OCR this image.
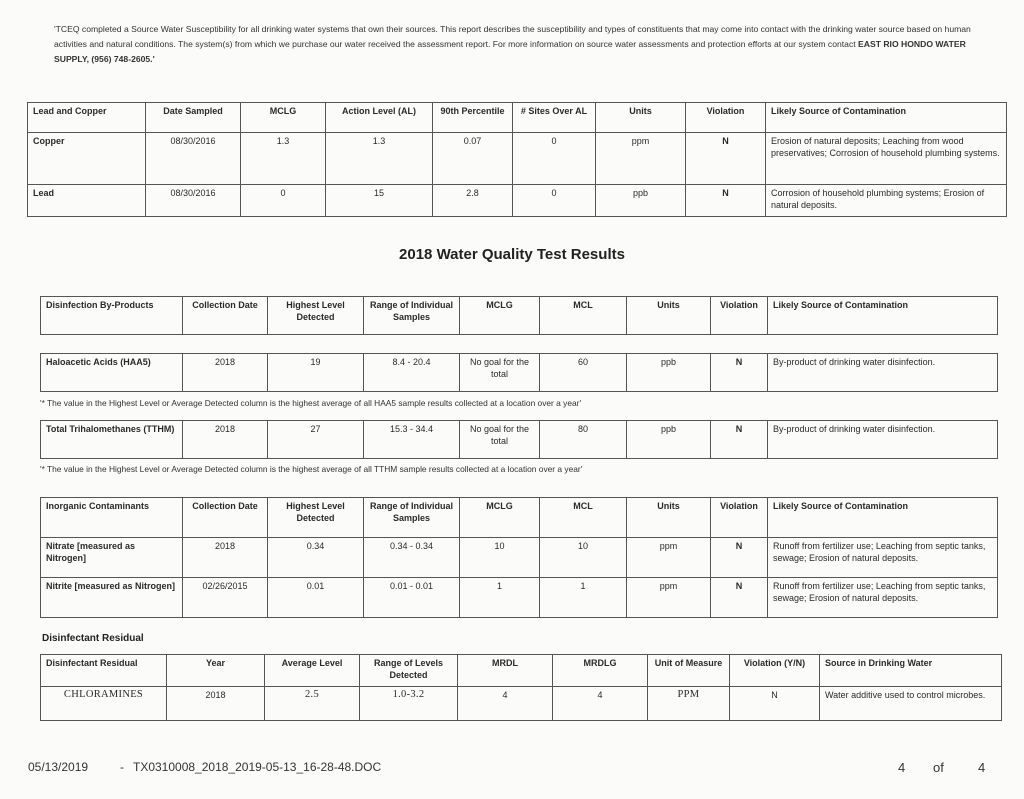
'TCEQ completed a Source Water Susceptibility for all drinking water systems that own their sources. This report describes the susceptibility and types of constituents that may come into contact with the drinking water source based on human activities and natural conditions. The system(s) from which we purchase our water received the assessment report. For more information on source water assessments and protection efforts at our system contact EAST RIO HONDO WATER SUPPLY, (956) 748-2605.'
Lead and Copper	Date Sampled	MCLG	Action Level (AL)	90th Percentile	# Sites Over AL	Units	Violation	Likely Source of Contamination
Copper	08/30/2016	1.3	1.3	0.07	0	ppm	N	Erosion of natural deposits; Leaching from wood preservatives; Corrosion of household plumbing systems.
Lead	08/30/2016	0	15	2.8	0	ppb	N	Corrosion of household plumbing systems; Erosion of natural deposits.
2018 Water Quality Test Results
Disinfection By-Products	Collection Date	Highest Level Detected	Range of Individual Samples	MCLG	MCL	Units	Violation	Likely Source of Contamination
Haloacetic Acids (HAA5)	2018	19	8.4 - 20.4	No goal for the total	60	ppb	N	By-product of drinking water disinfection.
'* The value in the Highest Level or Average Detected column is the highest average of all HAA5 sample results collected at a location over a year'
Total Trihalomethanes (TTHM)	2018	27	15.3 - 34.4	No goal for the total	80	ppb	N	By-product of drinking water disinfection.
'* The value in the Highest Level or Average Detected column is the highest average of all TTHM sample results collected at a location over a year'
Inorganic Contaminants	Collection Date	Highest Level Detected	Range of Individual Samples	MCLG	MCL	Units	Violation	Likely Source of Contamination
Nitrate [measured as Nitrogen]	2018	0.34	0.34 - 0.34	10	10	ppm	N	Runoff from fertilizer use; Leaching from septic tanks, sewage; Erosion of natural deposits.
Nitrite [measured as Nitrogen]	02/26/2015	0.01	0.01 - 0.01	1	1	ppm	N	Runoff from fertilizer use; Leaching from septic tanks, sewage; Erosion of natural deposits.
Disinfectant Residual
Disinfectant Residual	Year	Average Level	Range of Levels Detected	MRDL	MRDLG	Unit of Measure	Violation (Y/N)	Source in Drinking Water
CHLORAMINES	2018	2.5	1.0-3.2	4	4	PPM	N	Water additive used to control microbes.
05/13/2019	- TX0310008_2018_2019-05-13_16-28-48.DOC	4 of	4
